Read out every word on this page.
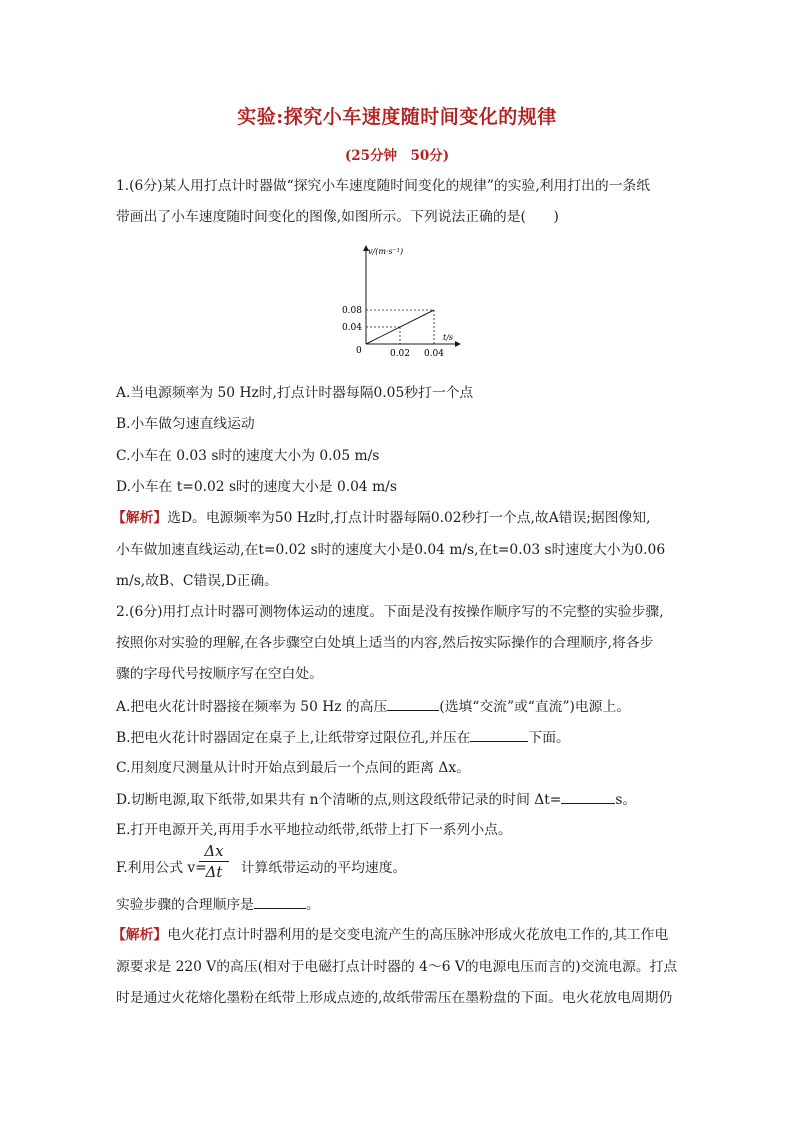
实验:探究小车速度随时间变化的规律
(25分钟　50分)
1.(6分)某人用打点计时器做“探究小车速度随时间变化的规律”的实验,利用打出的一条纸
带画出了小车速度随时间变化的图像,如图所示。下列说法正确的是(　　)
v/(m·s⁻¹)
t/s
0
0.04
0.08
0.02 0.04
A.当电源频率为 50 Hz时,打点计时器每隔0.05秒打一个点
B.小车做匀速直线运动
C.小车在 0.03 s时的速度大小为 0.05 m/s
D.小车在 t=0.02 s时的速度大小是 0.04 m/s
【解析】选D。电源频率为50 Hz时,打点计时器每隔0.02秒打一个点,故A错误;据图像知,
小车做加速直线运动,在t=0.02 s时的速度大小是0.04 m/s,在t=0.03 s时速度大小为0.06
m/s,故B、C错误,D正确。
2.(6分)用打点计时器可测物体运动的速度。下面是没有按操作顺序写的不完整的实验步骤,
按照你对实验的理解,在各步骤空白处填上适当的内容,然后按实际操作的合理顺序,将各步
骤的字母代号按顺序写在空白处。
A.把电火花计时器接在频率为 50 Hz 的高压	(选填“交流”或“直流”)电源上。
B.把电火花计时器固定在桌子上,让纸带穿过限位孔,并压在	下面。
C.用刻度尺测量从计时开始点到最后一个点间的距离 Δx。
D.切断电源,取下纸带,如果共有 n个清晰的点,则这段纸带记录的时间 Δt=	s。
E.打开电源开关,再用手水平地拉动纸带,纸带上打下一系列小点。
F.利用公式 v= 计算纸带运动的平均速度。
Δx
Δt
实验步骤的合理顺序是	。
【解析】电火花打点计时器利用的是交变电流产生的高压脉冲形成火花放电工作的,其工作电
源要求是 220 V的高压(相对于电磁打点计时器的 4～6 V的电源电压而言的)交流电源。打点
时是通过火花熔化墨粉在纸带上形成点迹的,故纸带需压在墨粉盘的下面。电火花放电周期仍
